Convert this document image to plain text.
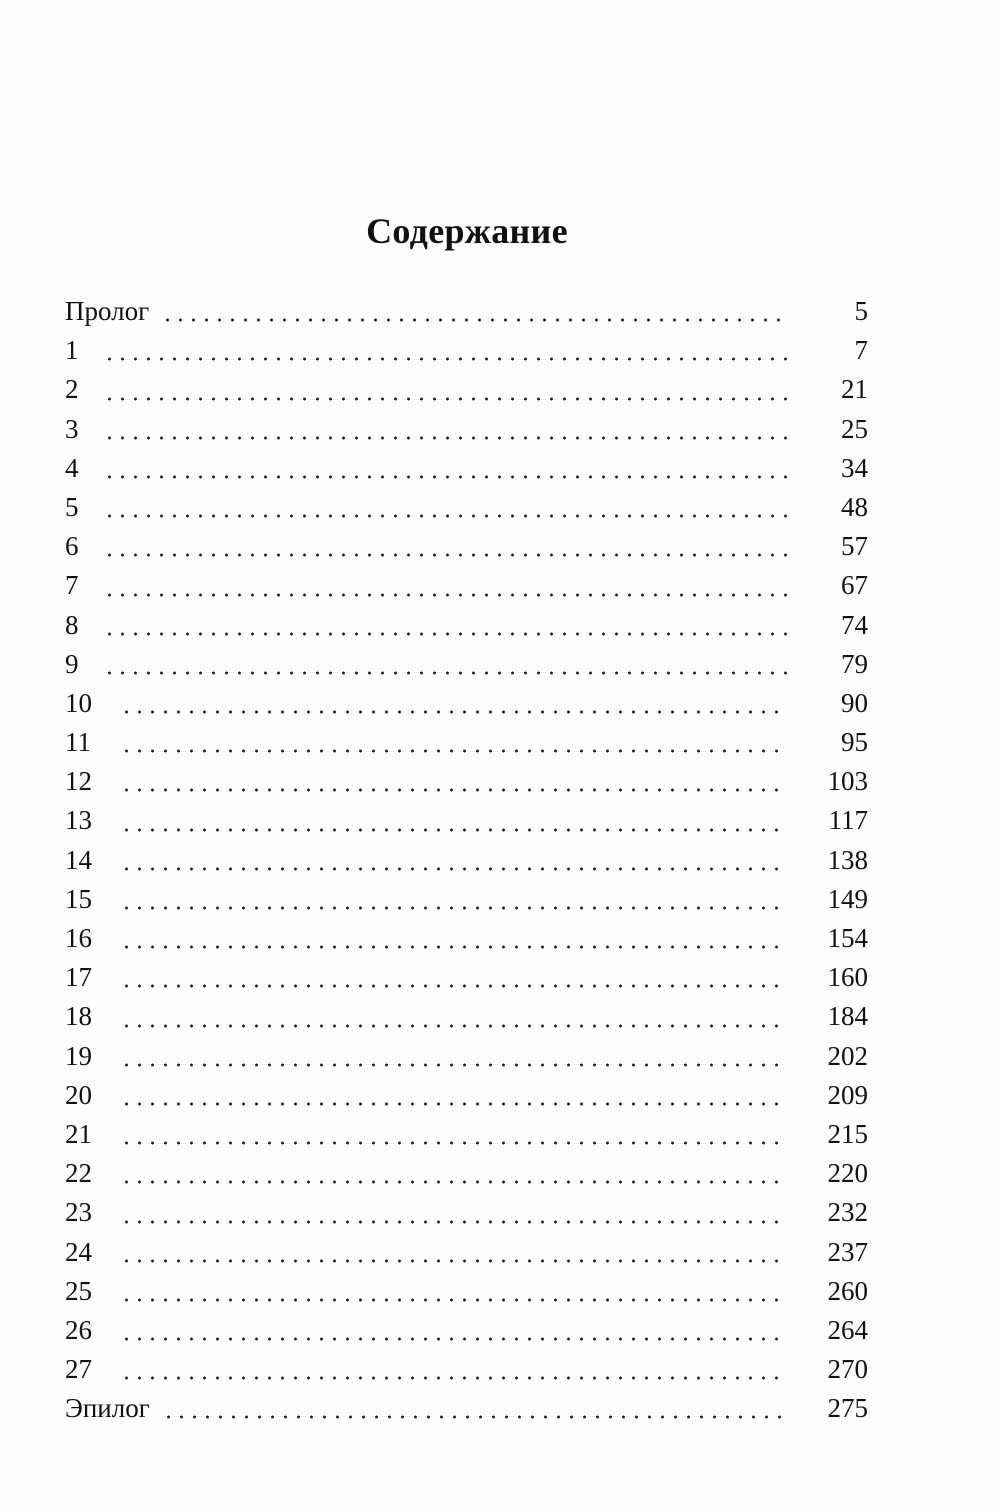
Содержание
Пролог	5
1	7
2	21
3	25
4	34
5	48
6	57
7	67
8	74
9	79
10	90
11	95
12	103
13	117
14	138
15	149
16	154
17	160
18	184
19	202
20	209
21	215
22	220
23	232
24	237
25	260
26	264
27	270
Эпилог	275
